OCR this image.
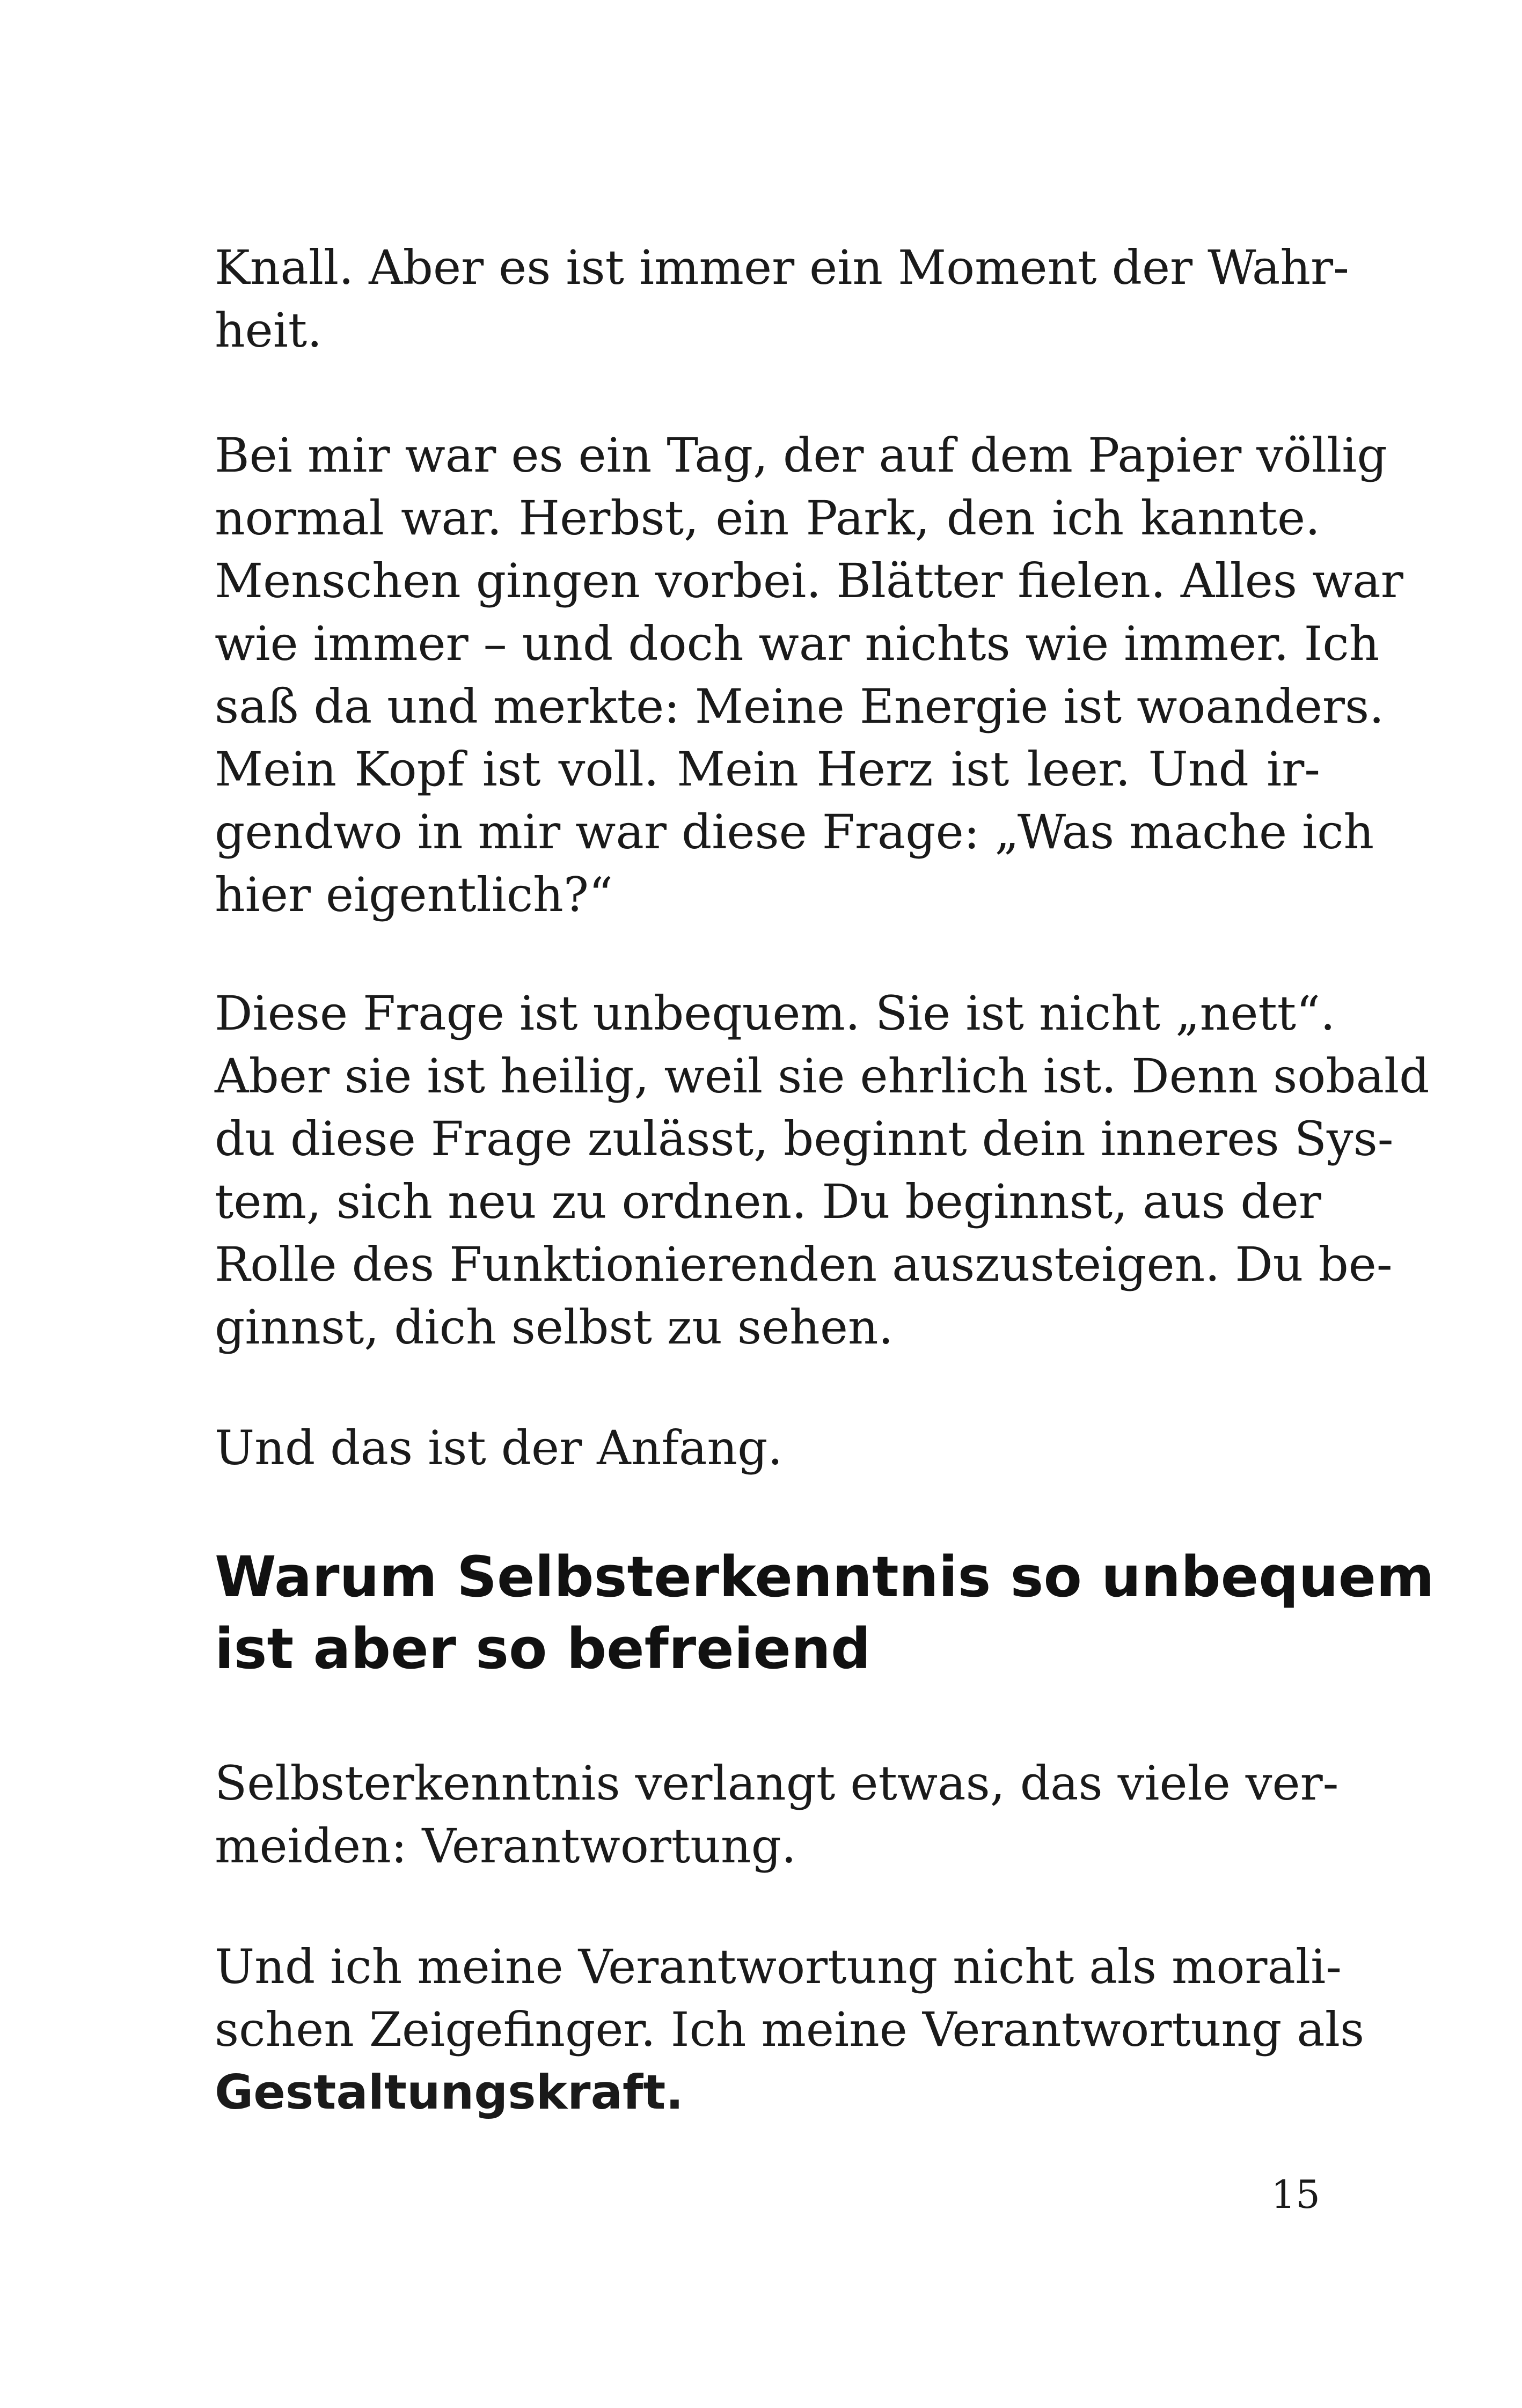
Knall. Aber es ist immer ein Moment der Wahr-
heit.
Bei mir war es ein Tag, der auf dem Papier völlig
normal war. Herbst, ein Park, den ich kannte.
Menschen gingen vorbei. Blätter fielen. Alles war
wie immer – und doch war nichts wie immer. Ich
saß da und merkte: Meine Energie ist woanders.
Mein Kopf ist voll. Mein Herz ist leer. Und ir-
gendwo in mir war diese Frage: „Was mache ich
hier eigentlich?“
Diese Frage ist unbequem. Sie ist nicht „nett“.
Aber sie ist heilig, weil sie ehrlich ist. Denn sobald
du diese Frage zulässt, beginnt dein inneres Sys-
tem, sich neu zu ordnen. Du beginnst, aus der
Rolle des Funktionierenden auszusteigen. Du be-
ginnst, dich selbst zu sehen.
Und das ist der Anfang.
Warum Selbsterkenntnis so unbequem
ist aber so befreiend
Selbsterkenntnis verlangt etwas, das viele ver-
meiden: Verantwortung.
Und ich meine Verantwortung nicht als morali-
schen Zeigefinger. Ich meine Verantwortung als
Gestaltungskraft.
15
